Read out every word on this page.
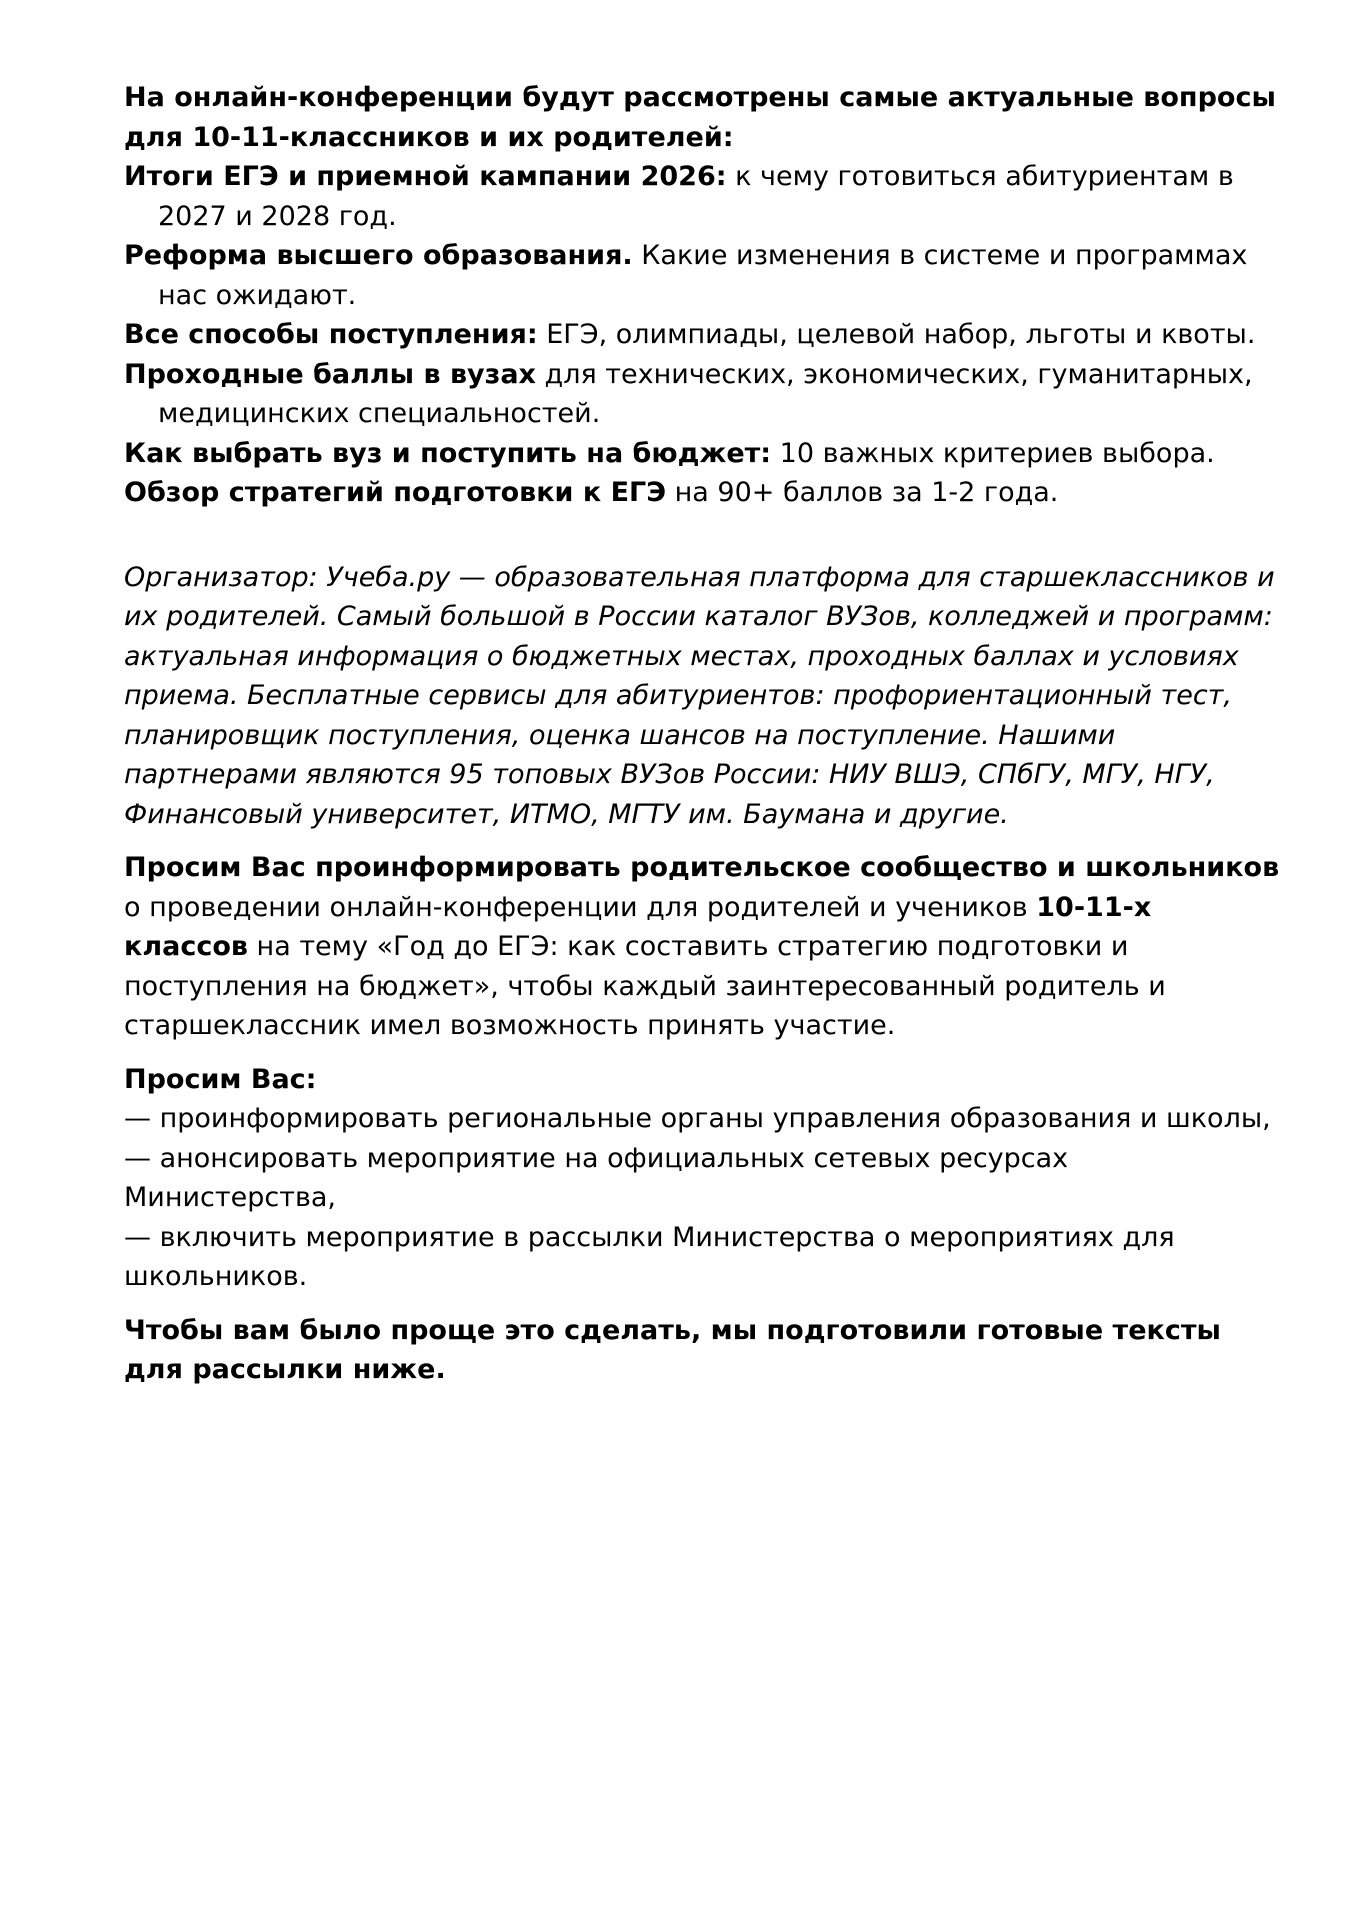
На онлайн-конференции будут рассмотрены самые актуальные вопросы для 10-11-классников и их родителей:

Итоги ЕГЭ и приемной кампании 2026: к чему готовиться абитуриентам в 2027 и 2028 год.

Реформа высшего образования. Какие изменения в системе и программах нас ожидают.

Все способы поступления: ЕГЭ, олимпиады, целевой набор, льготы и квоты.

Проходные баллы в вузах для технических, экономических, гуманитарных, медицинских специальностей.

Как выбрать вуз и поступить на бюджет: 10 важных критериев выбора.

Обзор стратегий подготовки к ЕГЭ на 90+ баллов за 1-2 года.

Организатор: Учеба.ру — образовательная платформа для старшеклассников и их родителей. Самый большой в России каталог ВУЗов, колледжей и программ: актуальная информация о бюджетных местах, проходных баллах и условиях приема. Бесплатные сервисы для абитуриентов: профориентационный тест, планировщик поступления, оценка шансов на поступление. Нашими партнерами являются 95 топовых ВУЗов России: НИУ ВШЭ, СПбГУ, МГУ, НГУ, Финансовый университет, ИТМО, МГТУ им. Баумана и другие.

Просим Вас проинформировать родительское сообщество и школьников о проведении онлайн-конференции для родителей и учеников 10-11-х классов на тему «Год до ЕГЭ: как составить стратегию подготовки и поступления на бюджет», чтобы каждый заинтересованный родитель и старшеклассник имел возможность принять участие.

Просим Вас:

— проинформировать региональные органы управления образования и школы,

— анонсировать мероприятие на официальных сетевых ресурсах Министерства,

— включить мероприятие в рассылки Министерства о мероприятиях для школьников.

Чтобы вам было проще это сделать, мы подготовили готовые тексты для рассылки ниже.
